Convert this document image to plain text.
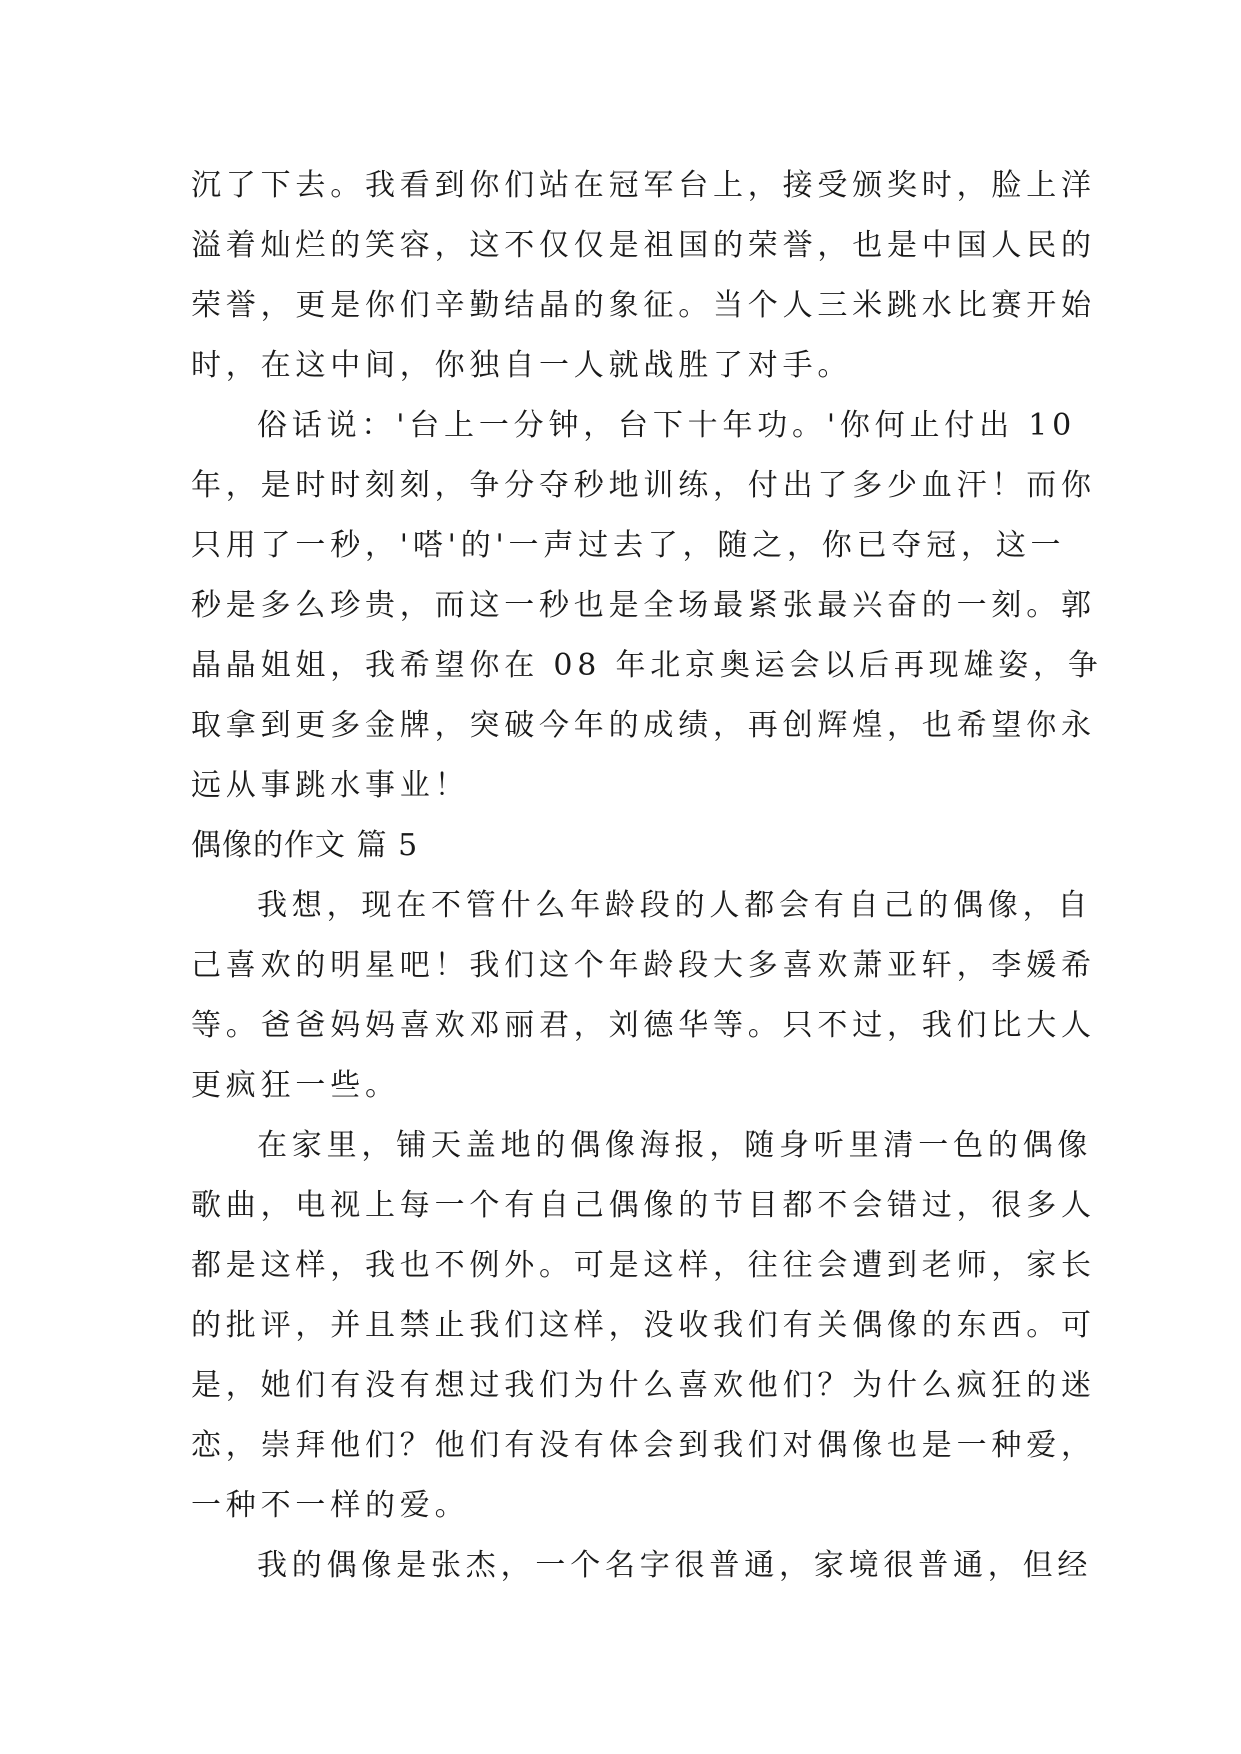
沉了下去。我看到你们站在冠军台上，接受颁奖时，脸上洋
溢着灿烂的笑容，这不仅仅是祖国的荣誉，也是中国人民的
荣誉，更是你们辛勤结晶的象征。当个人三米跳水比赛开始
时，在这中间，你独自一人就战胜了对手。
俗话说：'台上一分钟，台下十年功。'你何止付出 10
年，是时时刻刻，争分夺秒地训练，付出了多少血汗！而你
只用了一秒，'嗒'的'一声过去了，随之，你已夺冠，这一
秒是多么珍贵，而这一秒也是全场最紧张最兴奋的一刻。郭
晶晶姐姐，我希望你在 08 年北京奥运会以后再现雄姿，争
取拿到更多金牌，突破今年的成绩，再创辉煌，也希望你永
远从事跳水事业！
偶像的作文 篇 5
我想，现在不管什么年龄段的人都会有自己的偶像，自
己喜欢的明星吧！我们这个年龄段大多喜欢萧亚轩，李媛希
等。爸爸妈妈喜欢邓丽君，刘德华等。只不过，我们比大人
更疯狂一些。
在家里，铺天盖地的偶像海报，随身听里清一色的偶像
歌曲，电视上每一个有自己偶像的节目都不会错过，很多人
都是这样，我也不例外。可是这样，往往会遭到老师，家长
的批评，并且禁止我们这样，没收我们有关偶像的东西。可
是，她们有没有想过我们为什么喜欢他们？为什么疯狂的迷
恋，崇拜他们？他们有没有体会到我们对偶像也是一种爱，
一种不一样的爱。
我的偶像是张杰，一个名字很普通，家境很普通，但经
